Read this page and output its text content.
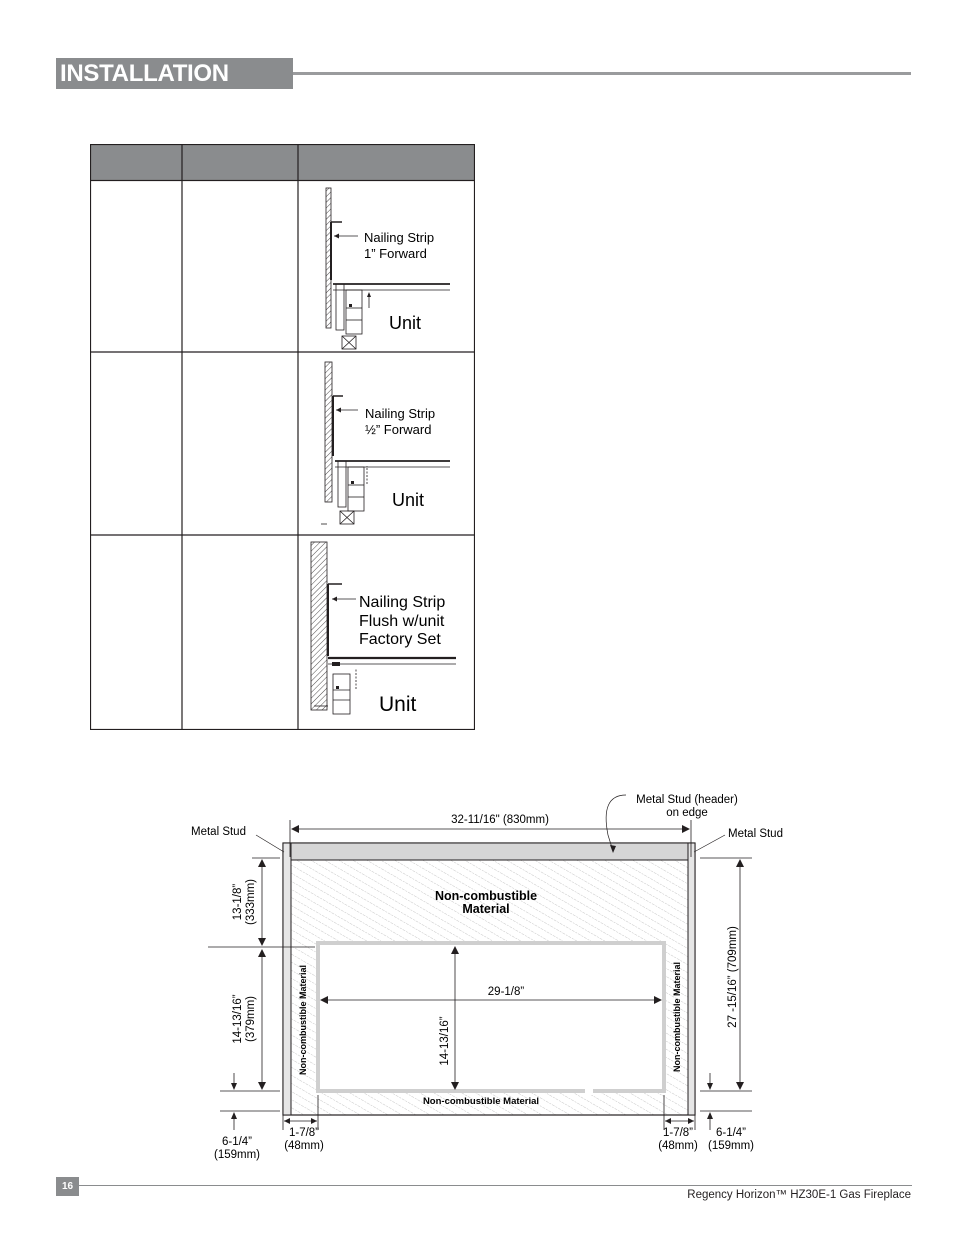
INSTALLATION
Nailing Strip
1” Forward
Unit
Nailing Strip
½” Forward
Unit
Nailing Strip
Flush w/unit
Factory Set
Unit
Metal Stud	Metal Stud
Metal Stud (header)
on edge
32-11/16" (830mm)
13-1/8” (333mm)
14-13/16” (379mm)
6-1/4”
(159mm)
1-7/8”
(48mm)
1-7/8”
(48mm)
27 -15/16” (709mm)
6-1/4”
(159mm)
29-1/8”
14-13/16”
Non-combustible
Material
Non-combustible Material	Non-combustible Material
Non-combustible Material
16
Regency Horizon™ HZ30E-1 Gas Fireplace
